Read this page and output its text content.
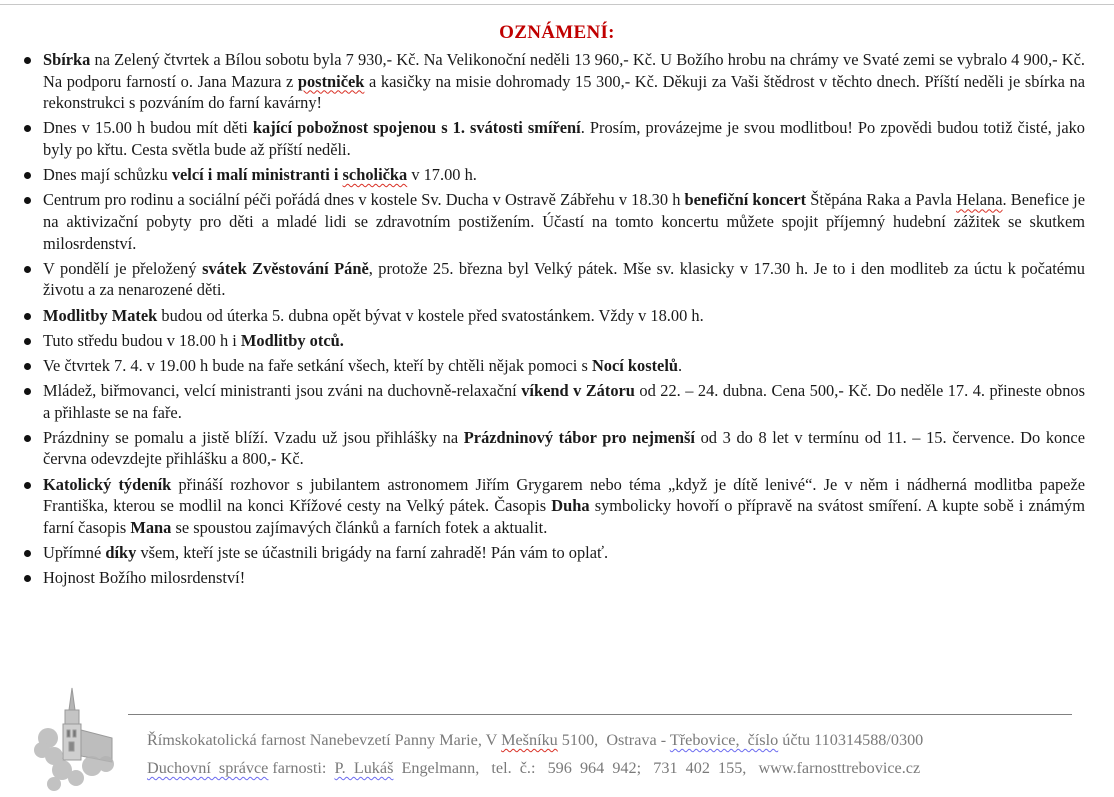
OZNÁMENÍ:
Sbírka na Zelený čtvrtek a Bílou sobotu byla 7 930,- Kč. Na Velikonoční neděli 13 960,- Kč. U Božího hrobu na chrámy ve Svaté zemi se vybralo 4 900,- Kč. Na podporu farností o. Jana Mazura z postniček a kasičky na misie dohromady 15 300,- Kč. Děkuji za Vaši štědrost v těchto dnech. Příští neděli je sbírka na rekonstrukci s pozváním do farní kavárny!
Dnes v 15.00 h budou mít děti kající pobožnost spojenou s 1. svátosti smíření. Prosím, provázejme je svou modlitbou! Po zpovědi budou totiž čisté, jako byly po křtu. Cesta světla bude až příští neděli.
Dnes mají schůzku velcí i malí ministranti i scholička v 17.00 h.
Centrum pro rodinu a sociální péči pořádá dnes v kostele Sv. Ducha v Ostravě Zábřehu v 18.30 h benefiční koncert Štěpána Raka a Pavla Helana. Benefice je na aktivizační pobyty pro děti a mladé lidi se zdravotním postižením. Účastí na tomto koncertu můžete spojit příjemný hudební zážitek se skutkem milosrdenství.
V pondělí je přeložený svátek Zvěstování Páně, protože 25. března byl Velký pátek. Mše sv. klasicky v 17.30 h. Je to i den modliteb za úctu k počatému životu a za nenarozené děti.
Modlitby Matek budou od úterka 5. dubna opět bývat v kostele před svatostánkem. Vždy v 18.00 h.
Tuto středu budou v 18.00 h i Modlitby otců.
Ve čtvrtek 7. 4. v 19.00 h bude na faře setkání všech, kteří by chtěli nějak pomoci s Nocí kostelů.
Mládež, biřmovanci, velcí ministranti jsou zváni na duchovně-relaxační víkend v Zátoru od 22. – 24. dubna. Cena 500,- Kč. Do neděle 17. 4. přineste obnos a přihlaste se na faře.
Prázdniny se pomalu a jistě blíží. Vzadu už jsou přihlášky na Prázdninový tábor pro nejmenší od 3 do 8 let v termínu od 11. – 15. července. Do konce června odevzdejte přihlášku a 800,- Kč.
Katolický týdeník přináší rozhovor s jubilantem astronomem Jiřím Grygarem nebo téma „když je dítě lenivé“. Je v něm i nádherná modlitba papeže Františka, kterou se modlil na konci Křížové cesty na Velký pátek. Časopis Duha symbolicky hovoří o přípravě na svátost smíření. A kupte sobě i známým farní časopis Mana se spoustou zajímavých článků a farních fotek a aktualit.
Upřímné díky všem, kteří jste se účastnili brigády na farní zahradě! Pán vám to oplať.
Hojnost Božího milosrdenství!
Římskokatolická farnost Nanebevzetí Panny Marie, V Mešníku 5100,  Ostrava - Třebovice,  číslo účtu 110314588/0300
Duchovní  správce farnosti:  P.  Lukáš  Engelmann,   tel.  č.:   596  964  942;   731  402  155,   www.farnosttrebovice.cz
